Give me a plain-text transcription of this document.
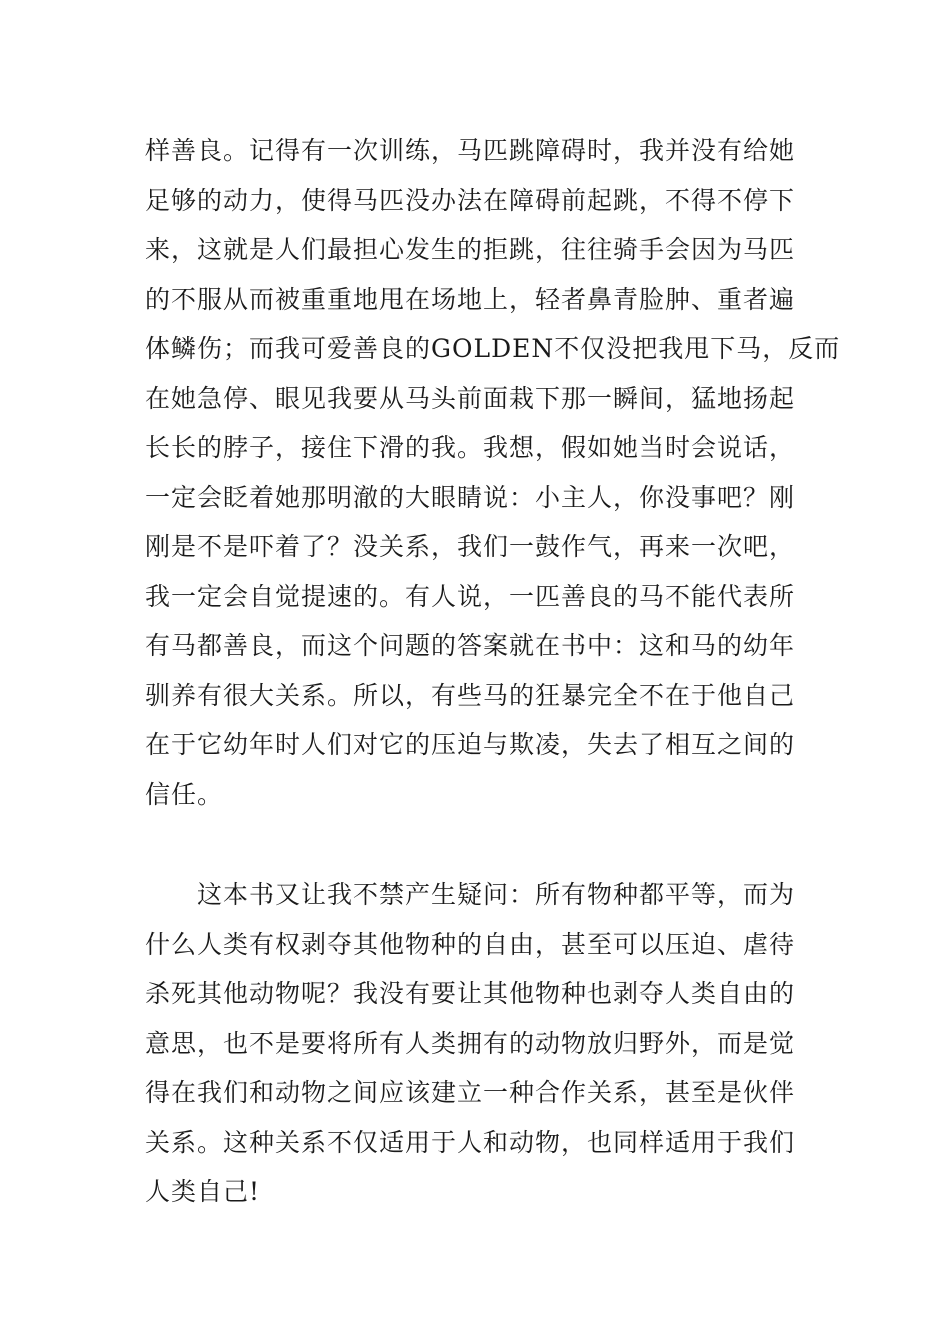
样善良。记得有一次训练，马匹跳障碍时，我并没有给她
足够的动力，使得马匹没办法在障碍前起跳，不得不停下
来，这就是人们最担心发生的拒跳，往往骑手会因为马匹
的不服从而被重重地甩在场地上，轻者鼻青脸肿、重者遍
体鳞伤；而我可爱善良的GOLDEN不仅没把我甩下马，反而
在她急停、眼见我要从马头前面栽下那一瞬间，猛地扬起
长长的脖子，接住下滑的我。我想，假如她当时会说话，
一定会眨着她那明澈的大眼睛说：小主人，你没事吧？刚
刚是不是吓着了？没关系，我们一鼓作气，再来一次吧，
我一定会自觉提速的。有人说，一匹善良的马不能代表所
有马都善良，而这个问题的答案就在书中：这和马的幼年
驯养有很大关系。所以，有些马的狂暴完全不在于他自己
在于它幼年时人们对它的压迫与欺凌，失去了相互之间的
信任。
这本书又让我不禁产生疑问：所有物种都平等，而为
什么人类有权剥夺其他物种的自由，甚至可以压迫、虐待
杀死其他动物呢？我没有要让其他物种也剥夺人类自由的
意思，也不是要将所有人类拥有的动物放归野外，而是觉
得在我们和动物之间应该建立一种合作关系，甚至是伙伴
关系。这种关系不仅适用于人和动物，也同样适用于我们
人类自己!
